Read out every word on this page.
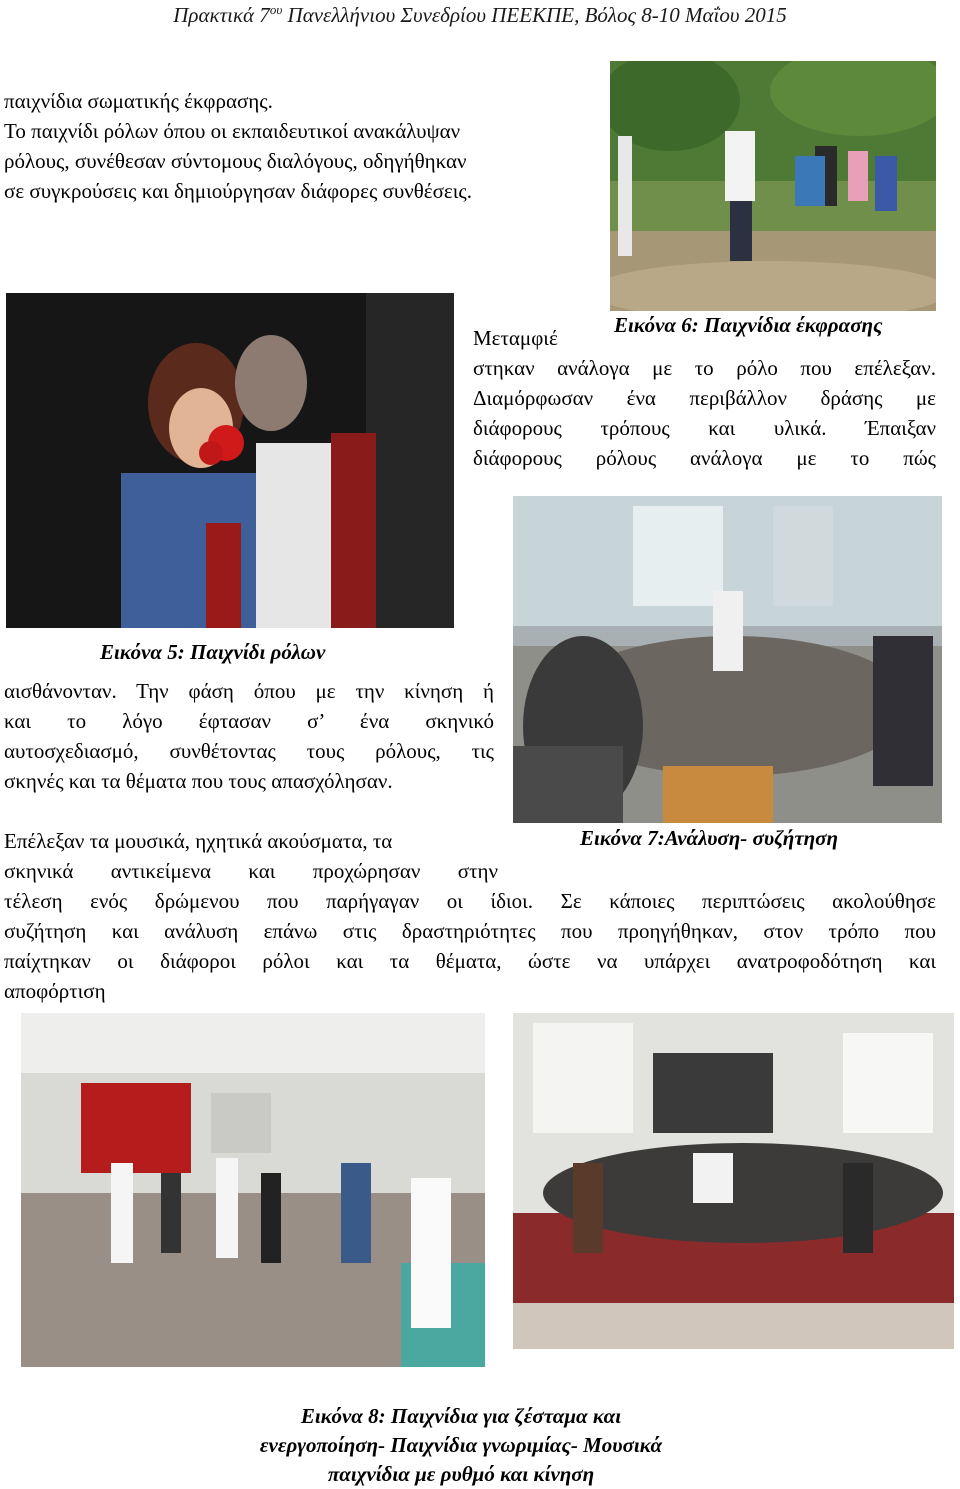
Πρακτικά $7^{o\upsilon}$ Πανελλήνιου Συνεδρίου ΠΕΕΚΠΕ, Βόλος 8-10 Μαΐου 2015
παιχνίδια σωματικής έκφρασης.
Το παιχνίδι ρόλων όπου οι εκπαιδευτικοί ανακάλυψαν
ρόλους, συνέθεσαν σύντομους διαλόγους, οδηγήθηκαν
σε συγκρούσεις και δημιούργησαν διάφορες συνθέσεις.
Μεταμφιέ
στηκαν ανάλογα με το ρόλο που επέλεξαν.
Διαμόρφωσαν ένα περιβάλλον δράσης με
διάφορους τρόπους και υλικά. Έπαιξαν
διάφορους ρόλους ανάλογα με το πώς
Εικόνα 6: Παιχνίδια έκφρασης
Εικόνα 5: Παιχνίδι ρόλων
αισθάνονταν. Την φάση όπου με την κίνηση ή
και το λόγο έφτασαν σ’ ένα σκηνικό
αυτοσχεδιασμό, συνθέτοντας τους ρόλους, τις
σκηνές και τα θέματα που τους απασχόλησαν.
Εικόνα 7:Ανάλυση- συζήτηση
Επέλεξαν τα μουσικά, ηχητικά ακούσματα, τα
σκηνικά αντικείμενα και προχώρησαν στην
τέλεση ενός δρώμενου που παρήγαγαν οι ίδιοι. Σε κάποιες περιπτώσεις ακολούθησε
συζήτηση και ανάλυση επάνω στις δραστηριότητες που προηγήθηκαν, στον τρόπο που
παίχτηκαν οι διάφοροι ρόλοι και τα θέματα, ώστε να υπάρχει ανατροφοδότηση και
αποφόρτιση
Εικόνα 8: Παιχνίδια για ζέσταμα και
ενεργοποίηση- Παιχνίδια γνωριμίας- Μουσικά
παιχνίδια με ρυθμό και κίνηση
